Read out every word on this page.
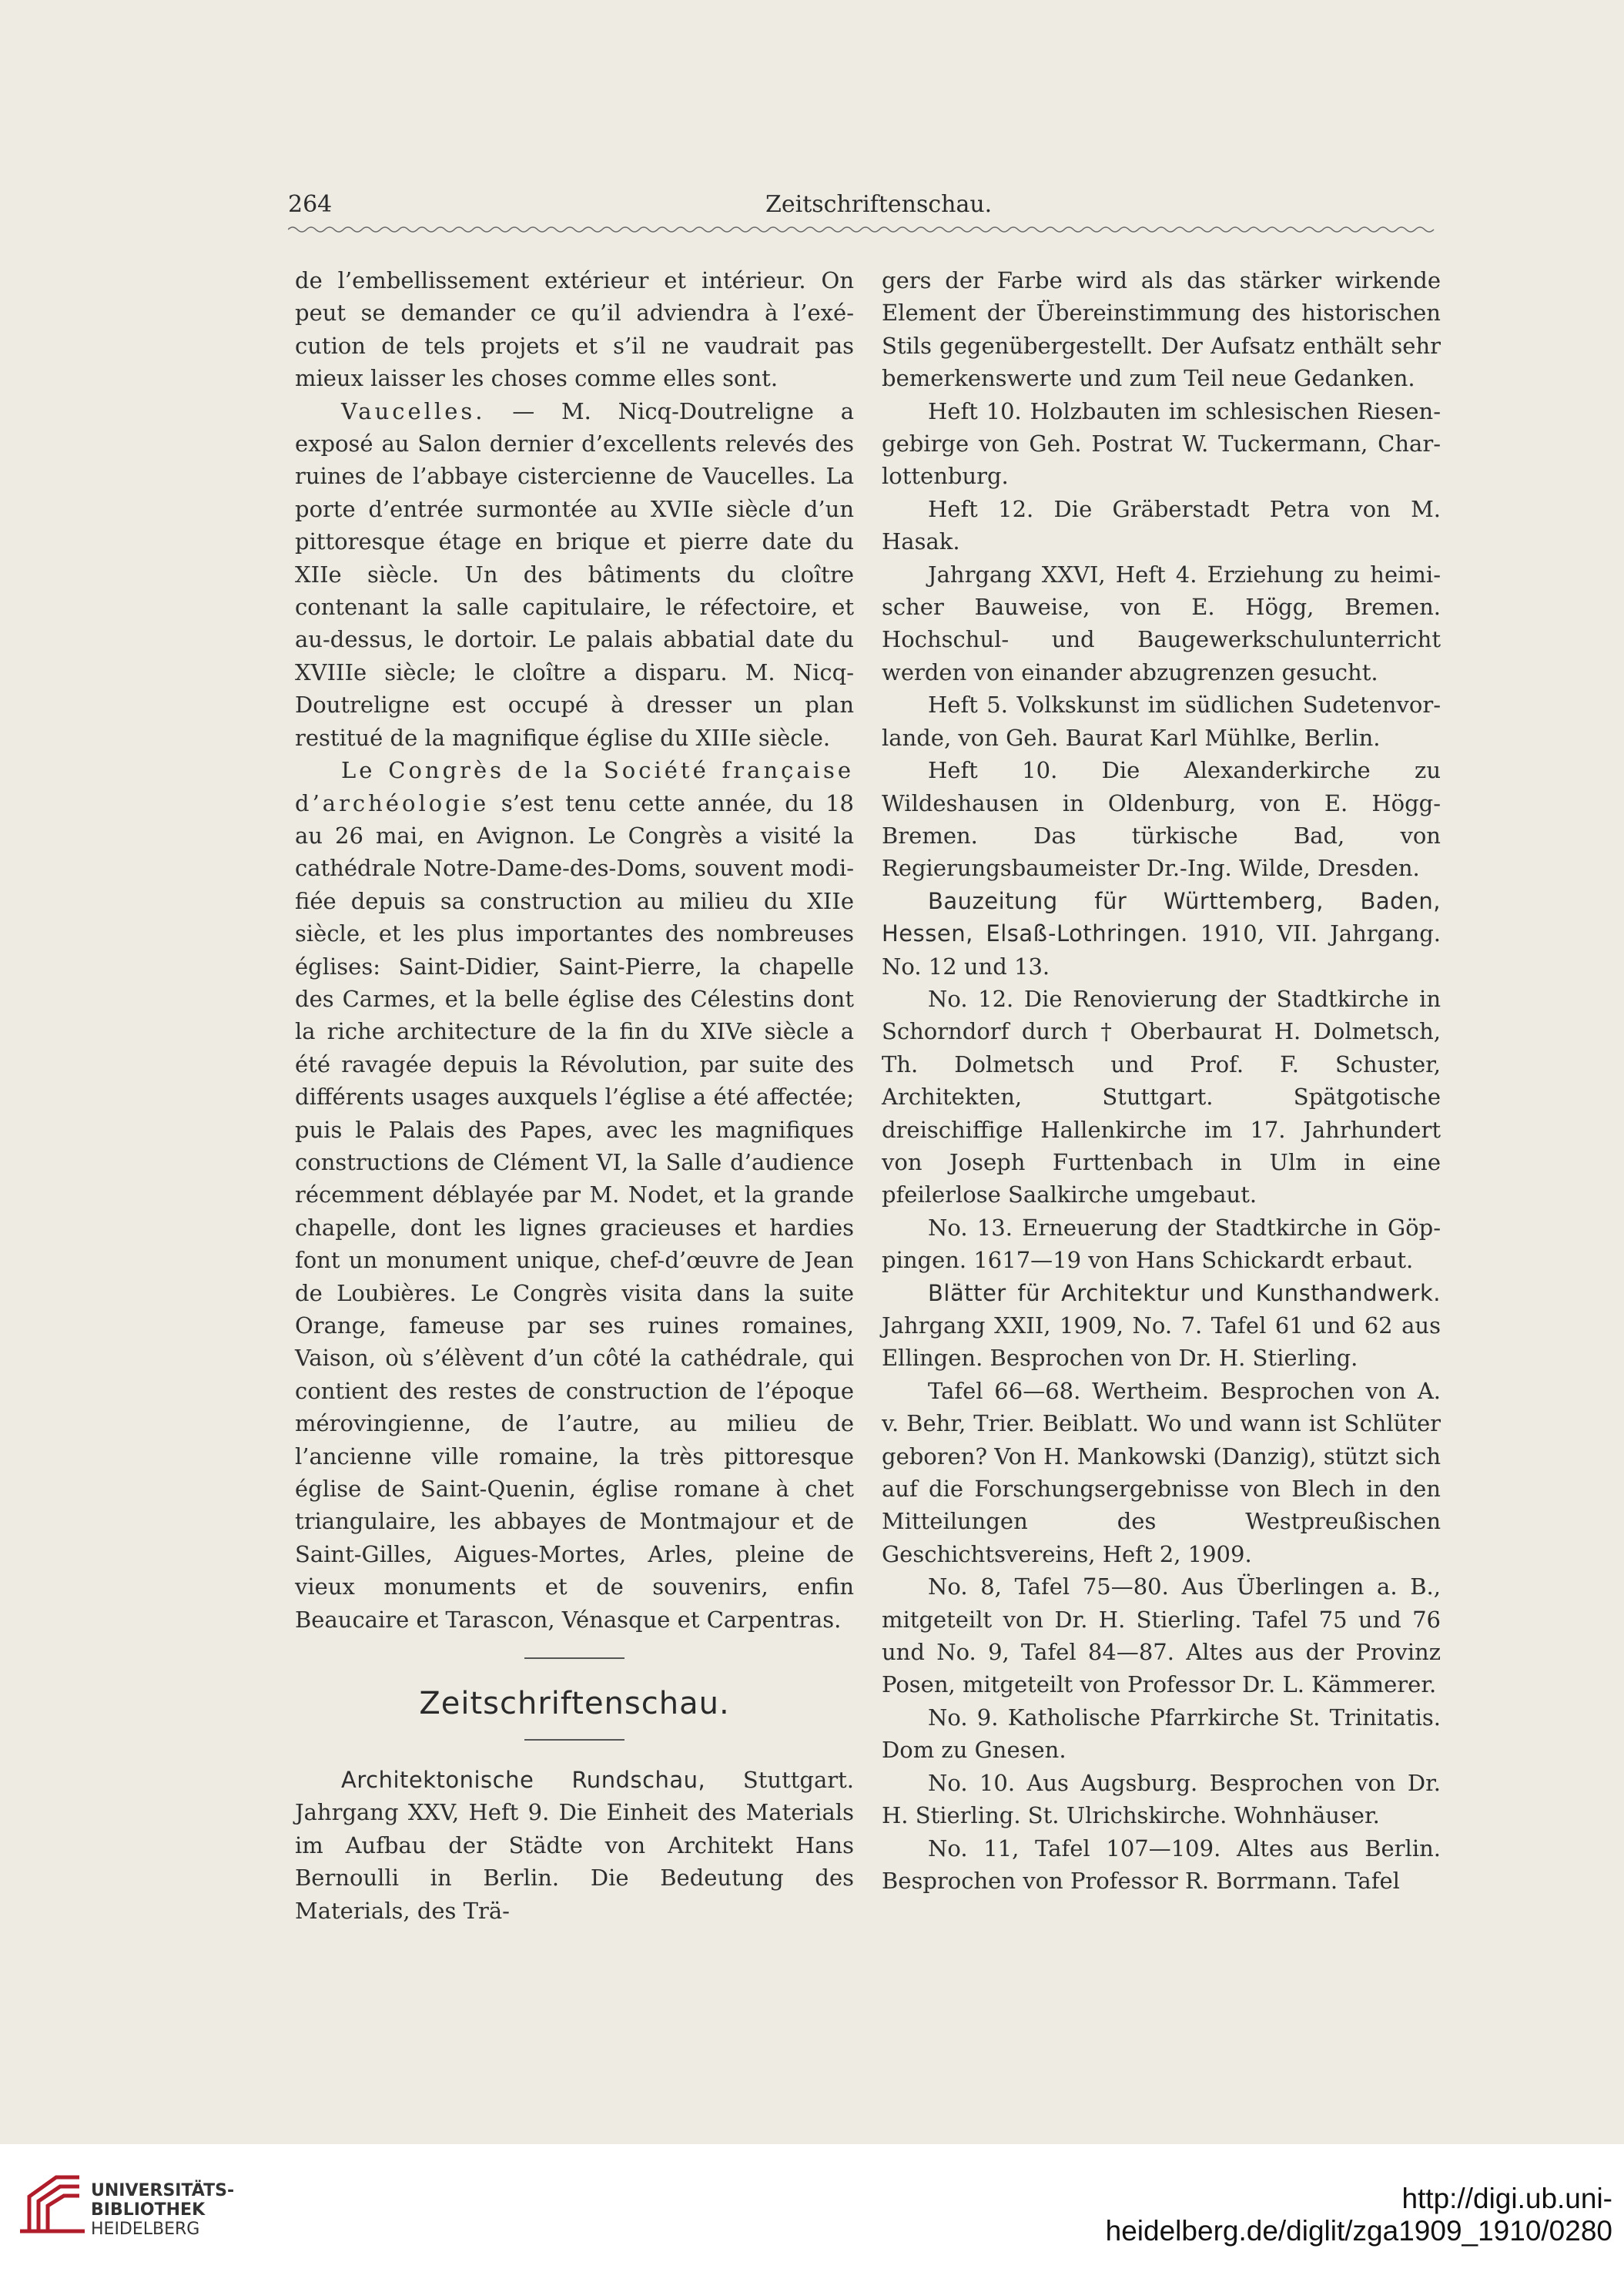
264	Zeitschriftenschau.

de l’embellissement extérieur et intérieur. On peut se demander ce qu’il adviendra à l’exécution de tels projets et s’il ne vaudrait pas mieux laisser les choses comme elles sont.

Vaucelles. — M. Nicq-Doutreligne a exposé au Salon dernier d’excellents relevés des ruines de l’abbaye cistercienne de Vaucelles. La porte d’entrée surmontée au XVIIe siècle d’un pittoresque étage en brique et pierre date du XIIe siècle. Un des bâtiments du cloître contenant la salle capitulaire, le réfectoire, et au-dessus, le dortoir. Le palais abbatial date du XVIIIe siècle; le cloître a disparu. M. Nicq-Doutreligne est occupé à dresser un plan restitué de la magnifique église du XIIIe siècle.

Le Congrès de la Société française d’archéologie s’est tenu cette année, du 18 au 26 mai, en Avignon. Le Congrès a visité la cathédrale Notre-Dame-des-Doms, souvent modifiée depuis sa construction au milieu du XIIe siècle, et les plus importantes des nombreuses églises: Saint-Didier, Saint-Pierre, la chapelle des Carmes, et la belle église des Célestins dont la riche architecture de la fin du XIVe siècle a été ravagée depuis la Révolution, par suite des différents usages auxquels l’église a été affectée; puis le Palais des Papes, avec les magnifiques constructions de Clément VI, la Salle d’audience récemment déblayée par M. Nodet, et la grande chapelle, dont les lignes gracieuses et hardies font un monument unique, chef-d’œuvre de Jean de Loubières. Le Congrès visita dans la suite Orange, fameuse par ses ruines romaines, Vaison, où s’élèvent d’un côté la cathédrale, qui contient des restes de construction de l’époque mérovingienne, de l’autre, au milieu de l’ancienne ville romaine, la très pittoresque église de Saint-Quenin, église romane à chet triangulaire, les abbayes de Montmajour et de Saint-Gilles, Aigues-Mortes, Arles, pleine de vieux monuments et de souvenirs, enfin Beaucaire et Tarascon, Vénasque et Carpentras.

Zeitschriftenschau.

Architektonische Rundschau, Stuttgart. Jahrgang XXV, Heft 9. Die Einheit des Materials im Aufbau der Städte von Architekt Hans Bernoulli in Berlin. Die Bedeutung des Materials, des Trä-

gers der Farbe wird als das stärker wirkende Element der Übereinstimmung des historischen Stils gegenübergestellt. Der Aufsatz enthält sehr bemerkenswerte und zum Teil neue Gedanken.

Heft 10. Holzbauten im schlesischen Riesengebirge von Geh. Postrat W. Tuckermann, Charlottenburg.

Heft 12. Die Gräberstadt Petra von M. Hasak.

Jahrgang XXVI, Heft 4. Erziehung zu heimischer Bauweise, von E. Högg, Bremen. Hochschul- und Baugewerkschulunterricht werden von einander abzugrenzen gesucht.

Heft 5. Volkskunst im südlichen Sudetenvorlande, von Geh. Baurat Karl Mühlke, Berlin.

Heft 10. Die Alexanderkirche zu Wildeshausen in Oldenburg, von E. Högg-Bremen. Das türkische Bad, von Regierungsbaumeister Dr.-Ing. Wilde, Dresden.

Bauzeitung für Württemberg, Baden, Hessen, Elsaß-Lothringen. 1910, VII. Jahrgang. No. 12 und 13.

No. 12. Die Renovierung der Stadtkirche in Schorndorf durch † Oberbaurat H. Dolmetsch, Th. Dolmetsch und Prof. F. Schuster, Architekten, Stuttgart. Spätgotische dreischiffige Hallenkirche im 17. Jahrhundert von Joseph Furttenbach in Ulm in eine pfeilerlose Saalkirche umgebaut.

No. 13. Erneuerung der Stadtkirche in Göppingen. 1617—19 von Hans Schickardt erbaut.

Blätter für Architektur und Kunsthandwerk. Jahrgang XXII, 1909, No. 7. Tafel 61 und 62 aus Ellingen. Besprochen von Dr. H. Stierling.

Tafel 66—68. Wertheim. Besprochen von A. v. Behr, Trier. Beiblatt. Wo und wann ist Schlüter geboren? Von H. Mankowski (Danzig), stützt sich auf die Forschungsergebnisse von Blech in den Mitteilungen des Westpreußischen Geschichtsvereins, Heft 2, 1909.

No. 8, Tafel 75—80. Aus Überlingen a. B., mitgeteilt von Dr. H. Stierling. Tafel 75 und 76 und No. 9, Tafel 84—87. Altes aus der Provinz Posen, mitgeteilt von Professor Dr. L. Kämmerer.

No. 9. Katholische Pfarrkirche St. Trinitatis. Dom zu Gnesen.

No. 10. Aus Augsburg. Besprochen von Dr. H. Stierling. St. Ulrichskirche. Wohnhäuser.

No. 11, Tafel 107—109. Altes aus Berlin. Besprochen von Professor R. Borrmann. Tafel

UNIVERSITÄTS-
BIBLIOTHEK
HEIDELBERG
http://digi.ub.uni-heidelberg.de/diglit/zga1909_1910/0280
